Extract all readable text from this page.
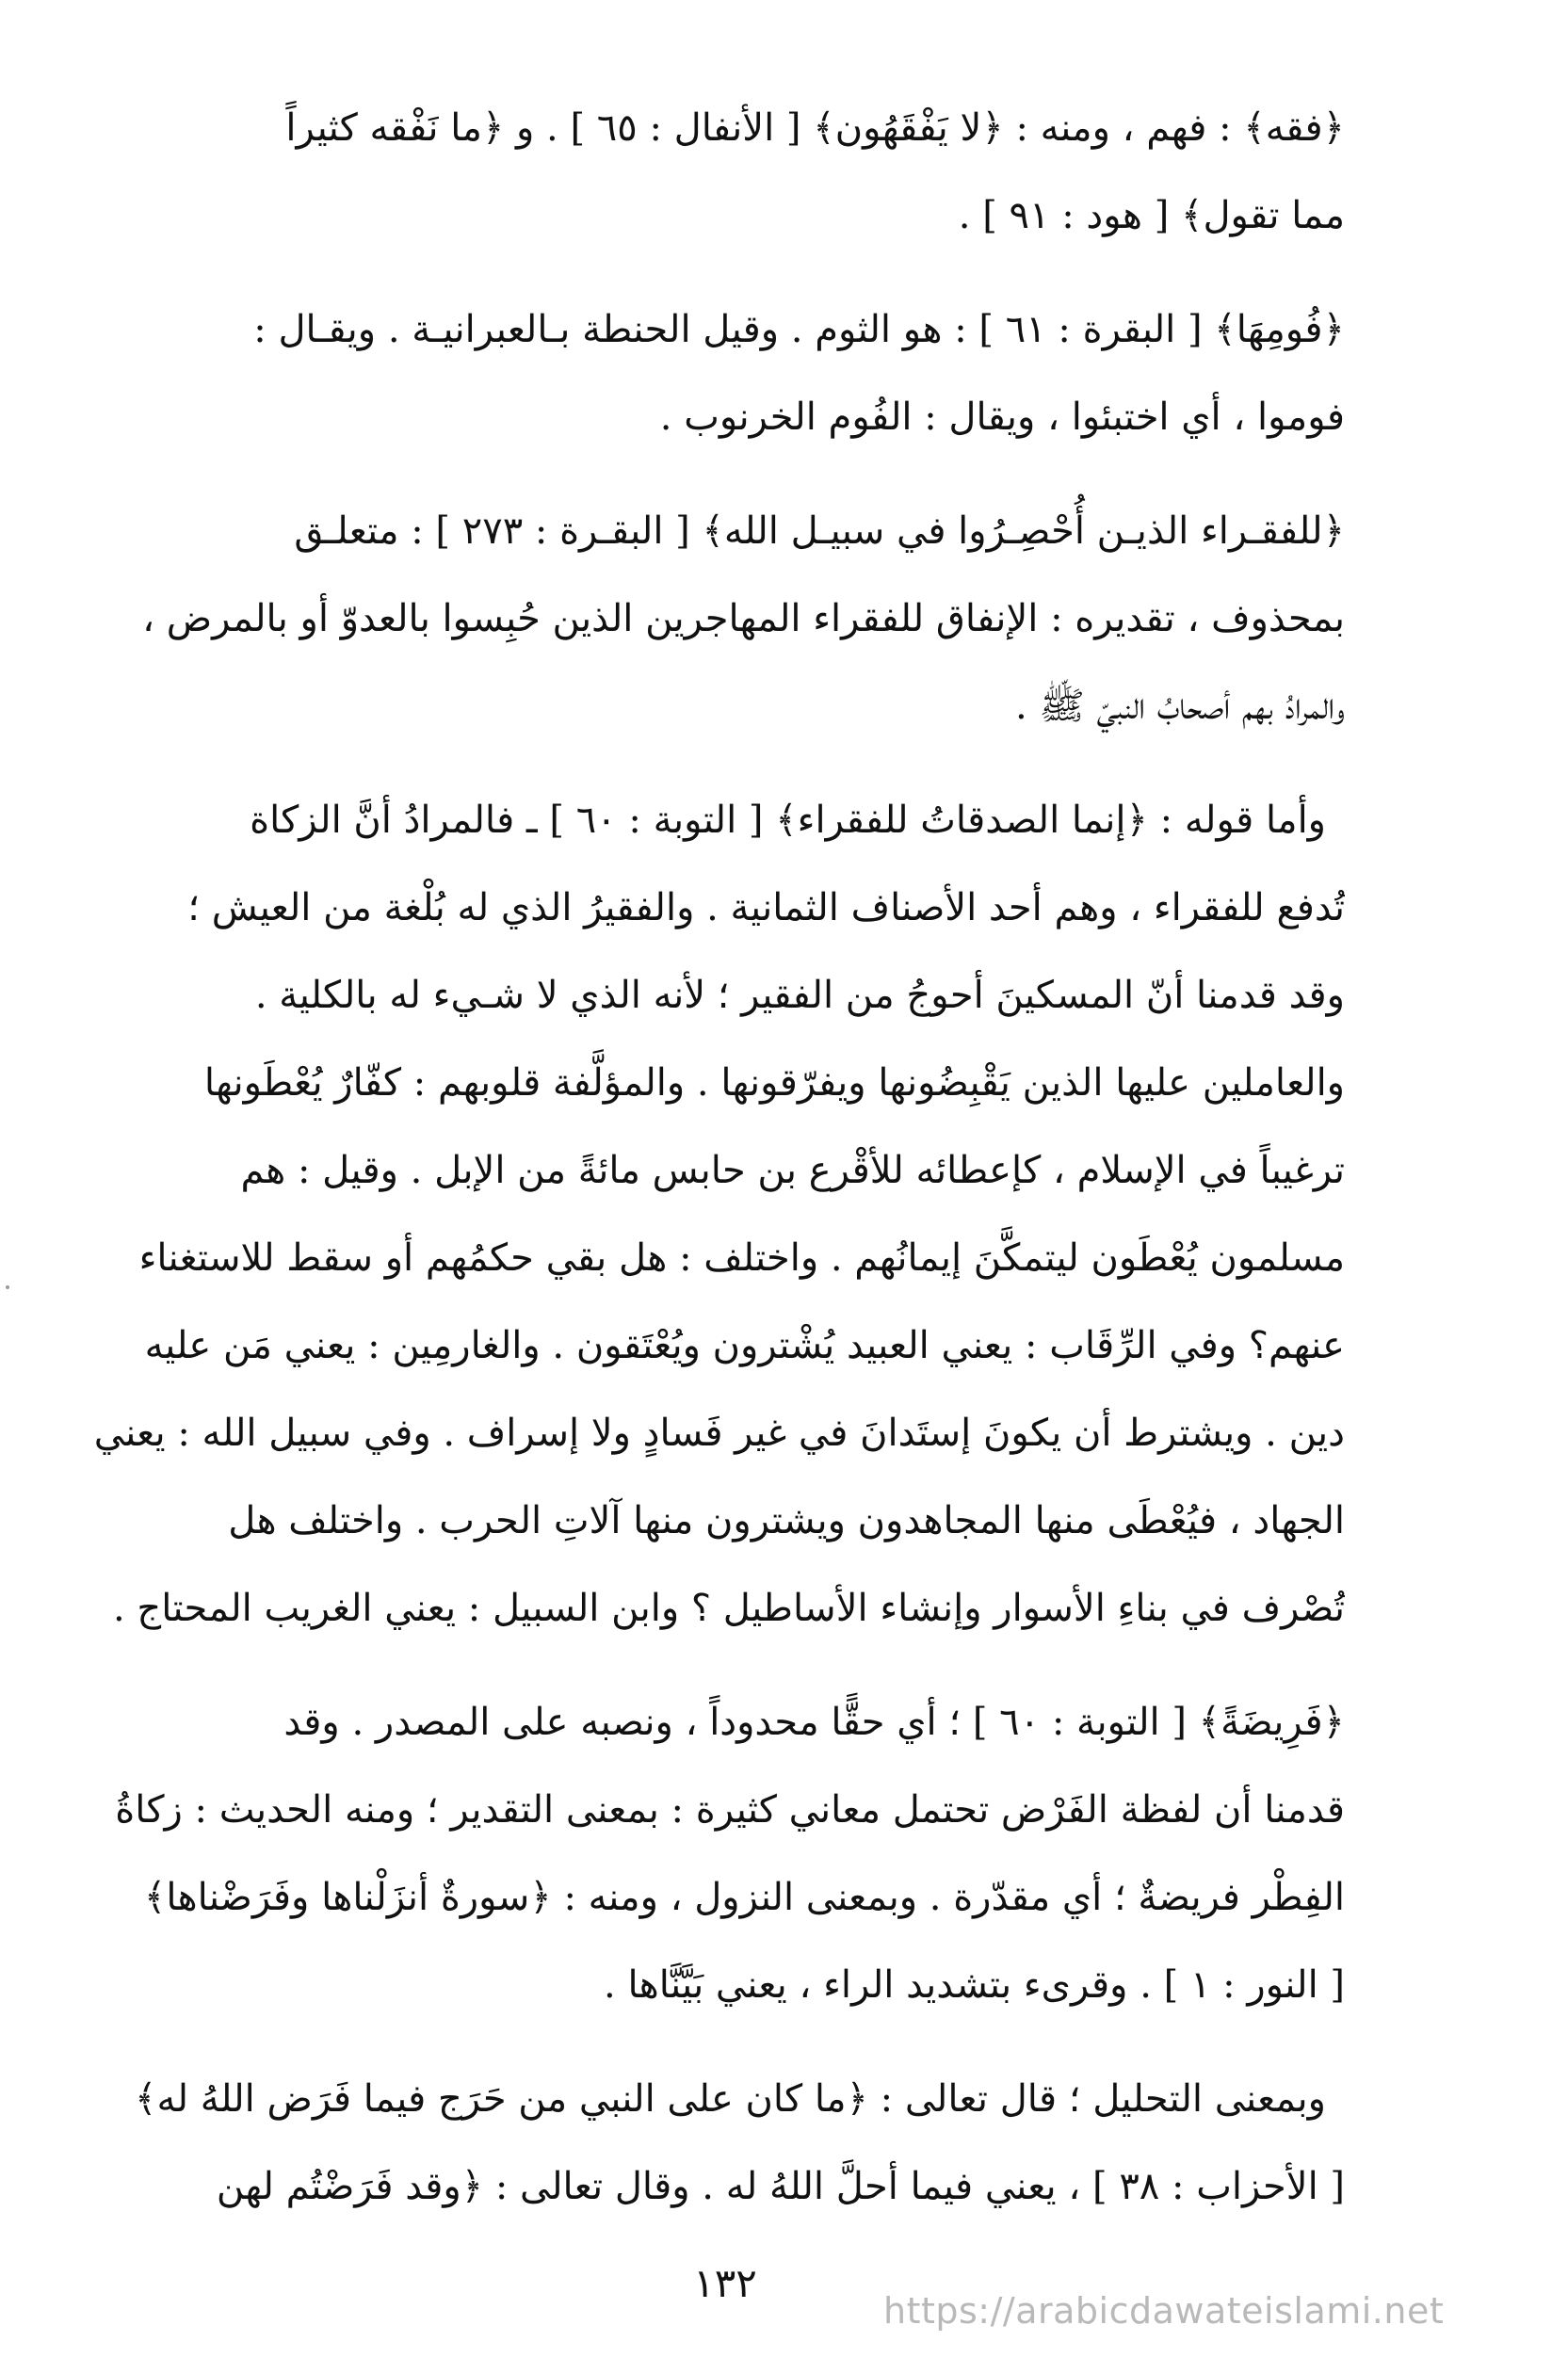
﴿فقه﴾ : فهم ، ومنه : ﴿لا يَفْقَهُون﴾ [ الأنفال : ٦٥ ] . و ﴿ما نَفْقه كثيراً
مما تقول﴾ [ هود : ٩١ ] .
﴿فُومِهَا﴾ [ البقرة : ٦١ ] : هو الثوم . وقيل الحنطة بـالعبرانيـة . ويقـال :
فوموا ، أي اختبئوا ، ويقال : الفُوم الخرنوب .
﴿للفقـراء الذيـن أُحْصِـرُوا في سبيـل الله﴾ [ البقـرة : ٢٧٣ ] : متعلـق
بمحذوف ، تقديره : الإنفاق للفقراء المهاجرين الذين حُبِسوا بالعدوّ أو بالمرض ،
والمرادُ بهم أصحابُ النبيّ ﷺ .
وأما قوله : ﴿إنما الصدقاتُ للفقراء﴾ [ التوبة : ٦٠ ] ـ فالمرادُ أنَّ الزكاة
تُدفع للفقراء ، وهم أحد الأصناف الثمانية . والفقيرُ الذي له بُلْغة من العيش ؛
وقد قدمنا أنّ المسكينَ أحوجُ من الفقير ؛ لأنه الذي لا شـيء له بالكلية .
والعاملين عليها الذين يَقْبِضُونها ويفرّقونها . والمؤلَّفة قلوبهم : كفّارٌ يُعْطَونها
ترغيباً في الإسلام ، كإعطائه للأقْرع بن حابس مائةً من الإبل . وقيل : هم
مسلمون يُعْطَون ليتمكَّنَ إيمانُهم . واختلف : هل بقي حكمُهم أو سقط للاستغناء
عنهم؟ وفي الرِّقَاب : يعني العبيد يُشْترون ويُعْتَقون . والغارمِين : يعني مَن عليه
دين . ويشترط أن يكونَ إستَدانَ في غير فَسادٍ ولا إسراف . وفي سبيل الله : يعني
الجهاد ، فيُعْطَى منها المجاهدون ويشترون منها آلاتِ الحرب . واختلف هل
تُصْرف في بناءِ الأسوار وإنشاء الأساطيل ؟ وابن السبيل : يعني الغريب المحتاج .
﴿فَرِيضَةً﴾ [ التوبة : ٦٠ ] ؛ أي حقًّا محدوداً ، ونصبه على المصدر . وقد
قدمنا أن لفظة الفَرْض تحتمل معاني كثيرة : بمعنى التقدير ؛ ومنه الحديث : زكاةُ
الفِطْر فريضةٌ ؛ أي مقدّرة . وبمعنى النزول ، ومنه : ﴿سورةٌ أنزَلْناها وفَرَضْناها﴾
[ النور : ١ ] . وقرىء بتشديد الراء ، يعني بَيَّنَّاها .
وبمعنى التحليل ؛ قال تعالى : ﴿ما كان على النبي من حَرَج فيما فَرَض اللهُ له﴾
[ الأحزاب : ٣٨ ] ، يعني فيما أحلَّ اللهُ له . وقال تعالى : ﴿وقد فَرَضْتُم لهن
١٣٢
https://arabicdawateislami.net
